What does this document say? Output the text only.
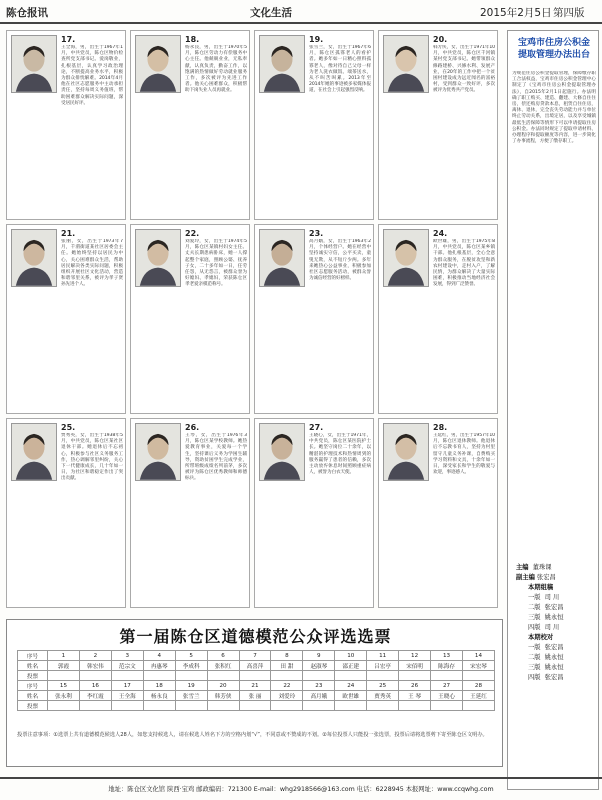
陈仓报讯	文化生活	2015年2月5日 第四版
17.
王全海，男，出生于1967年1月，中共党员，陈仓区物价检查所党支部书记。爱岗敬业，扎根基层，认真学习政治理论，不断提高业务水平，积极为群众排忧解难。2014年4月他在社区志愿服务中主动承担责任，坚持每周义务值班，帮助困难群众解决实际问题，深受居民好评。
18.
杨永良，男，出生于1970年5月，陈仓区劳动力有偿服务中心主任。他兢兢业业，无私奉献，认真负责，勤奋工作，以饱满的热情做好劳动就业服务工作，多次被评为先进工作者。他关心困难群众，积极帮助下岗失业人员再就业。
19.
张雪兰，女，出生于1967年6月，陈仓区孤寡老人的看护者。她多年如一日精心照料孤寡老人，像对待自己父母一样为老人洗衣做饭、端茶送水，从不叫苦叫累。2013年至2014年她的事迹被多家媒体报道，在社会上引起强烈反响。
20.
韩芳侠，女，出生于1971年10月，中共党员，陈仓区千河镇某村党支部书记。她带领群众修路建桥、兴修水利、发展产业，在20年的工作中把一个贫困村建设成为远近闻名的富裕村，受到群众一致好评，多次被评为优秀共产党员。
21.
张丽，女，出生于1973年7月，千渭街道某社区居委会主任。她始终坚持以居民为中心，关心困难群众生活，帮助居民解决各类实际问题，积极组织开展社区文化活动，营造和谐邻里关系，被评为孝子贤孙先进个人。
22.
刘爱玲，女，出生于1974年5月，陈仓区某镇村妇女主任。丈夫长期患病卧床，她一人撑起整个家庭，照顾公婆、抚养子女，二十多年如一日，任劳任怨，从无怨言，被群众誉为好媳妇、孝媳妇，荣获陈仓区孝老爱亲模范称号。
23.
高月娥，女，出生于1963年2月，个体经营户。她在经营中坚持诚实守信，公平买卖，童叟无欺，从不短斤少两。多年来她热心公益事业，积极参加社区志愿服务活动，被群众誉为诚信经营的好榜样。
24.
欧世雄，男，出生于1975年8月，中共党员，陈仓区某乡镇干部。他扎根基层，全心全意为群众服务，在脱贫攻坚和新农村建设中，走村入户，了解民情，为群众解决了大量实际困难，积极推动当地经济社会发展，得到广泛赞誉。
25.
贾秀英，女，出生于1938年5月，中共党员，陈仓区某社区退休干部。她退休后不忘初心，积极参与社区义务服务工作，热心调解邻里纠纷，关心下一代健康成长，几十年如一日，为社区和谐稳定作出了突出贡献。
26.
王琴，女，出生于1976年3月，陈仓区某学校教师。她热爱教育事业，关爱每一个学生，坚持课后义务为学困生辅导，资助贫困学生完成学业，所带班级成绩名列前茅，多次被评为陈仓区优秀教师和师德标兵。
27.
王晓心，女，出生于1971年，中共党员，陈仓区某医院护士长。她坚守岗位二十余年，以精湛的护理技术和热情周到的服务赢得了患者的信赖，多次主动放弃休息时间照顾重症病人，被誉为白衣天使。
28.
王延红，男，出生于1957年10月，陈仓区退休教师。他退休后不忘教书育人，坚持为村里留守儿童义务补课，自费购买学习资料和文具，十余年如一日，深受家长和学生的敬爱与欢迎，事迹感人。
宝鸡市住房公积金提取管理办法出台
为规范住房公积金提取管理，保障缴存职工合法权益，宝鸡市住房公积金管理中心制定了《宝鸡市住房公积金提取管理办法》，自2015年2月1日起施行。办法明确了职工购买、建造、翻建、大修自住住房，偿还购房贷款本息，租赁自住住房，离休、退休，完全丧失劳动能力并与单位终止劳动关系，出境定居，以及享受城镇最低生活保障等情形下可以申请提取住房公积金。办法同时规定了提取申请材料、办理程序和提取额度等内容，进一步简化了办事流程，方便了缴存职工。
主编 董珠课
副主编 张宏昌
本期组稿
一版 司 川
二版 张宏昌
三版 姚永恒
四版 司 川
本期校对
一版 张宏昌
二版 姚永恒
三版 姚永恒
四版 张宏昌
第一届陈仓区道德模范公众评选选票
序号	1	2	3	4	5	6	7	8	9	10	11	12	13	14
姓名	郭霞	韩宏伟	范宗文	冉惠琴	李成科	张积红	高喜萍	田 甜	赵淑琴	邵正建	吕宏亭	宋佰明	陈海存	宋宏琴
投票														
序号	15	16	17	18	19	20	21	22	23	24	25	26	27	28
姓名	张永利	李红霞	王全海	杨永良	张雪兰	韩芳侠	张 丽	刘爱玲	高月娥	欧世雄	贾秀英	王 琴	王晓心	王延红
投票														
投票注意事项：①选票上共有道德模范候选人28人，如您支持候选人，请在候选人姓名下方的空格内划“√”，不同意或不赞成的不划。②每位投票人只能投一张选票，投票后请将选票剪下寄至陈仓区文明办。
地址：陈仓区文化馆 陕西·宝鸡 邮政编码：721300 E-mail：whg2918566@163.com 电话：6228945 本报网址：www.ccqwhg.com
